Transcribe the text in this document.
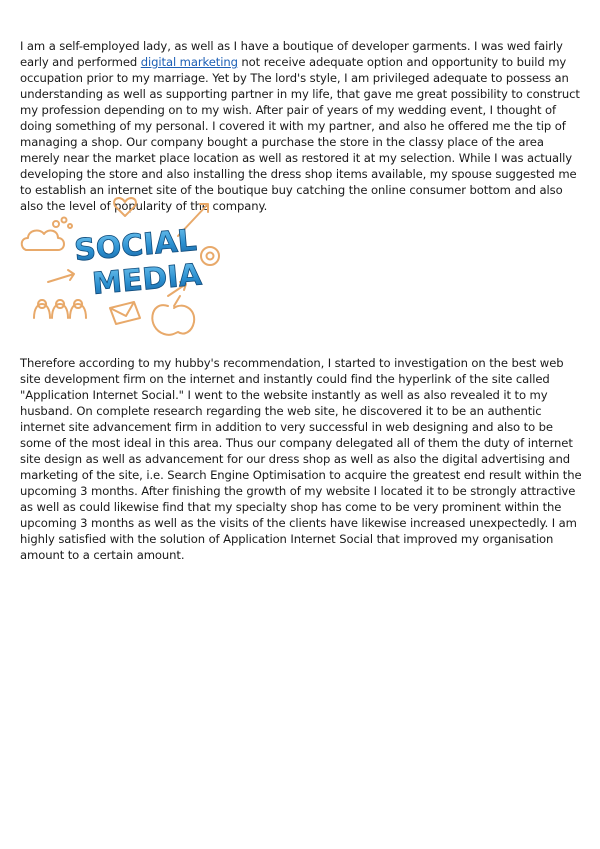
I am a self-employed lady, as well as I have a boutique of developer garments. I was wed fairly early and performed digital marketing not receive adequate option and opportunity to build my occupation prior to my marriage. Yet by The lord's style, I am privileged adequate to possess an understanding as well as supporting partner in my life, that gave me great possibility to construct my profession depending on to my wish. After pair of years of my wedding event, I thought of doing something of my personal. I covered it with my partner, and also he offered me the tip of managing a shop. Our company bought a purchase the store in the classy place of the area merely near the market place location as well as restored it at my selection. While I was actually developing the store and also installing the dress shop items available, my spouse suggested me to establish an internet site of the boutique buy catching the online consumer bottom and also also the level of popularity of the company.

SOCIAL
MEDIA

Therefore according to my hubby's recommendation, I started to investigation on the best web site development firm on the internet and instantly could find the hyperlink of the site called "Application Internet Social." I went to the website instantly as well as also revealed it to my husband. On complete research regarding the web site, he discovered it to be an authentic internet site advancement firm in addition to very successful in web designing and also to be some of the most ideal in this area. Thus our company delegated all of them the duty of internet site design as well as advancement for our dress shop as well as also the digital advertising and marketing of the site, i.e. Search Engine Optimisation to acquire the greatest end result within the upcoming 3 months. After finishing the growth of my website I located it to be strongly attractive as well as could likewise find that my specialty shop has come to be very prominent within the upcoming 3 months as well as the visits of the clients have likewise increased unexpectedly. I am highly satisfied with the solution of Application Internet Social that improved my organisation amount to a certain amount.
